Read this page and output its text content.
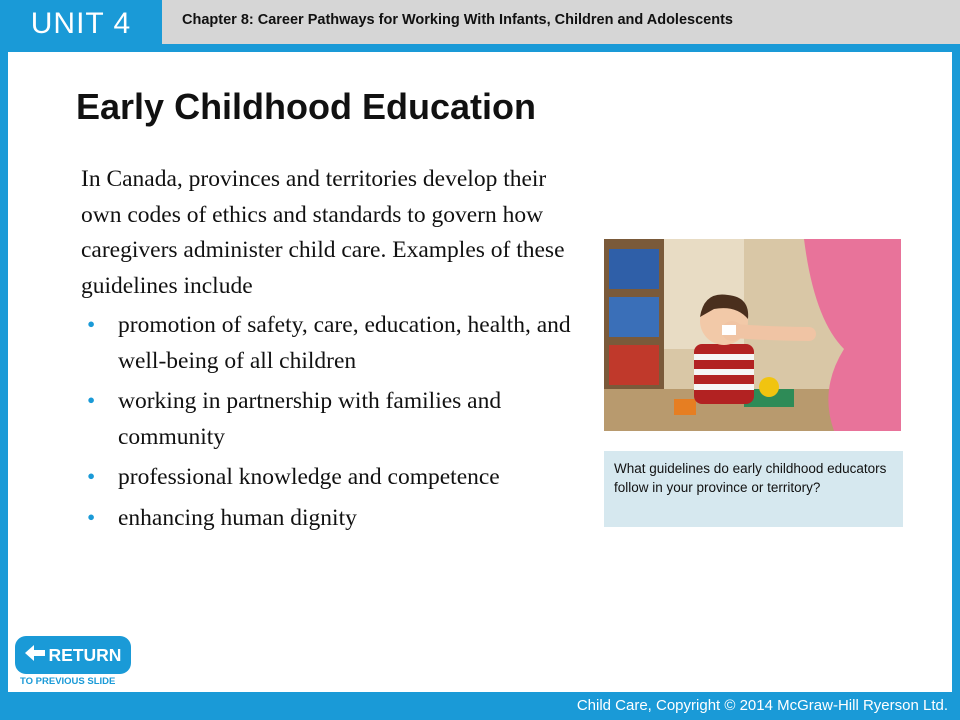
UNIT 4	Chapter 8: Career Pathways for Working With Infants, Children and Adolescents
Early Childhood Education

In Canada, provinces and territories develop their own codes of ethics and standards to govern how caregivers administer child care. Examples of these guidelines include

• promotion of safety, care, education, health, and well-being of all children
• working in partnership with families and community
• professional knowledge and competence
• enhancing human dignity
What guidelines do early childhood educators follow in your province or territory?
RETURN
TO PREVIOUS SLIDE
Child Care, Copyright © 2014 McGraw-Hill Ryerson Ltd.
